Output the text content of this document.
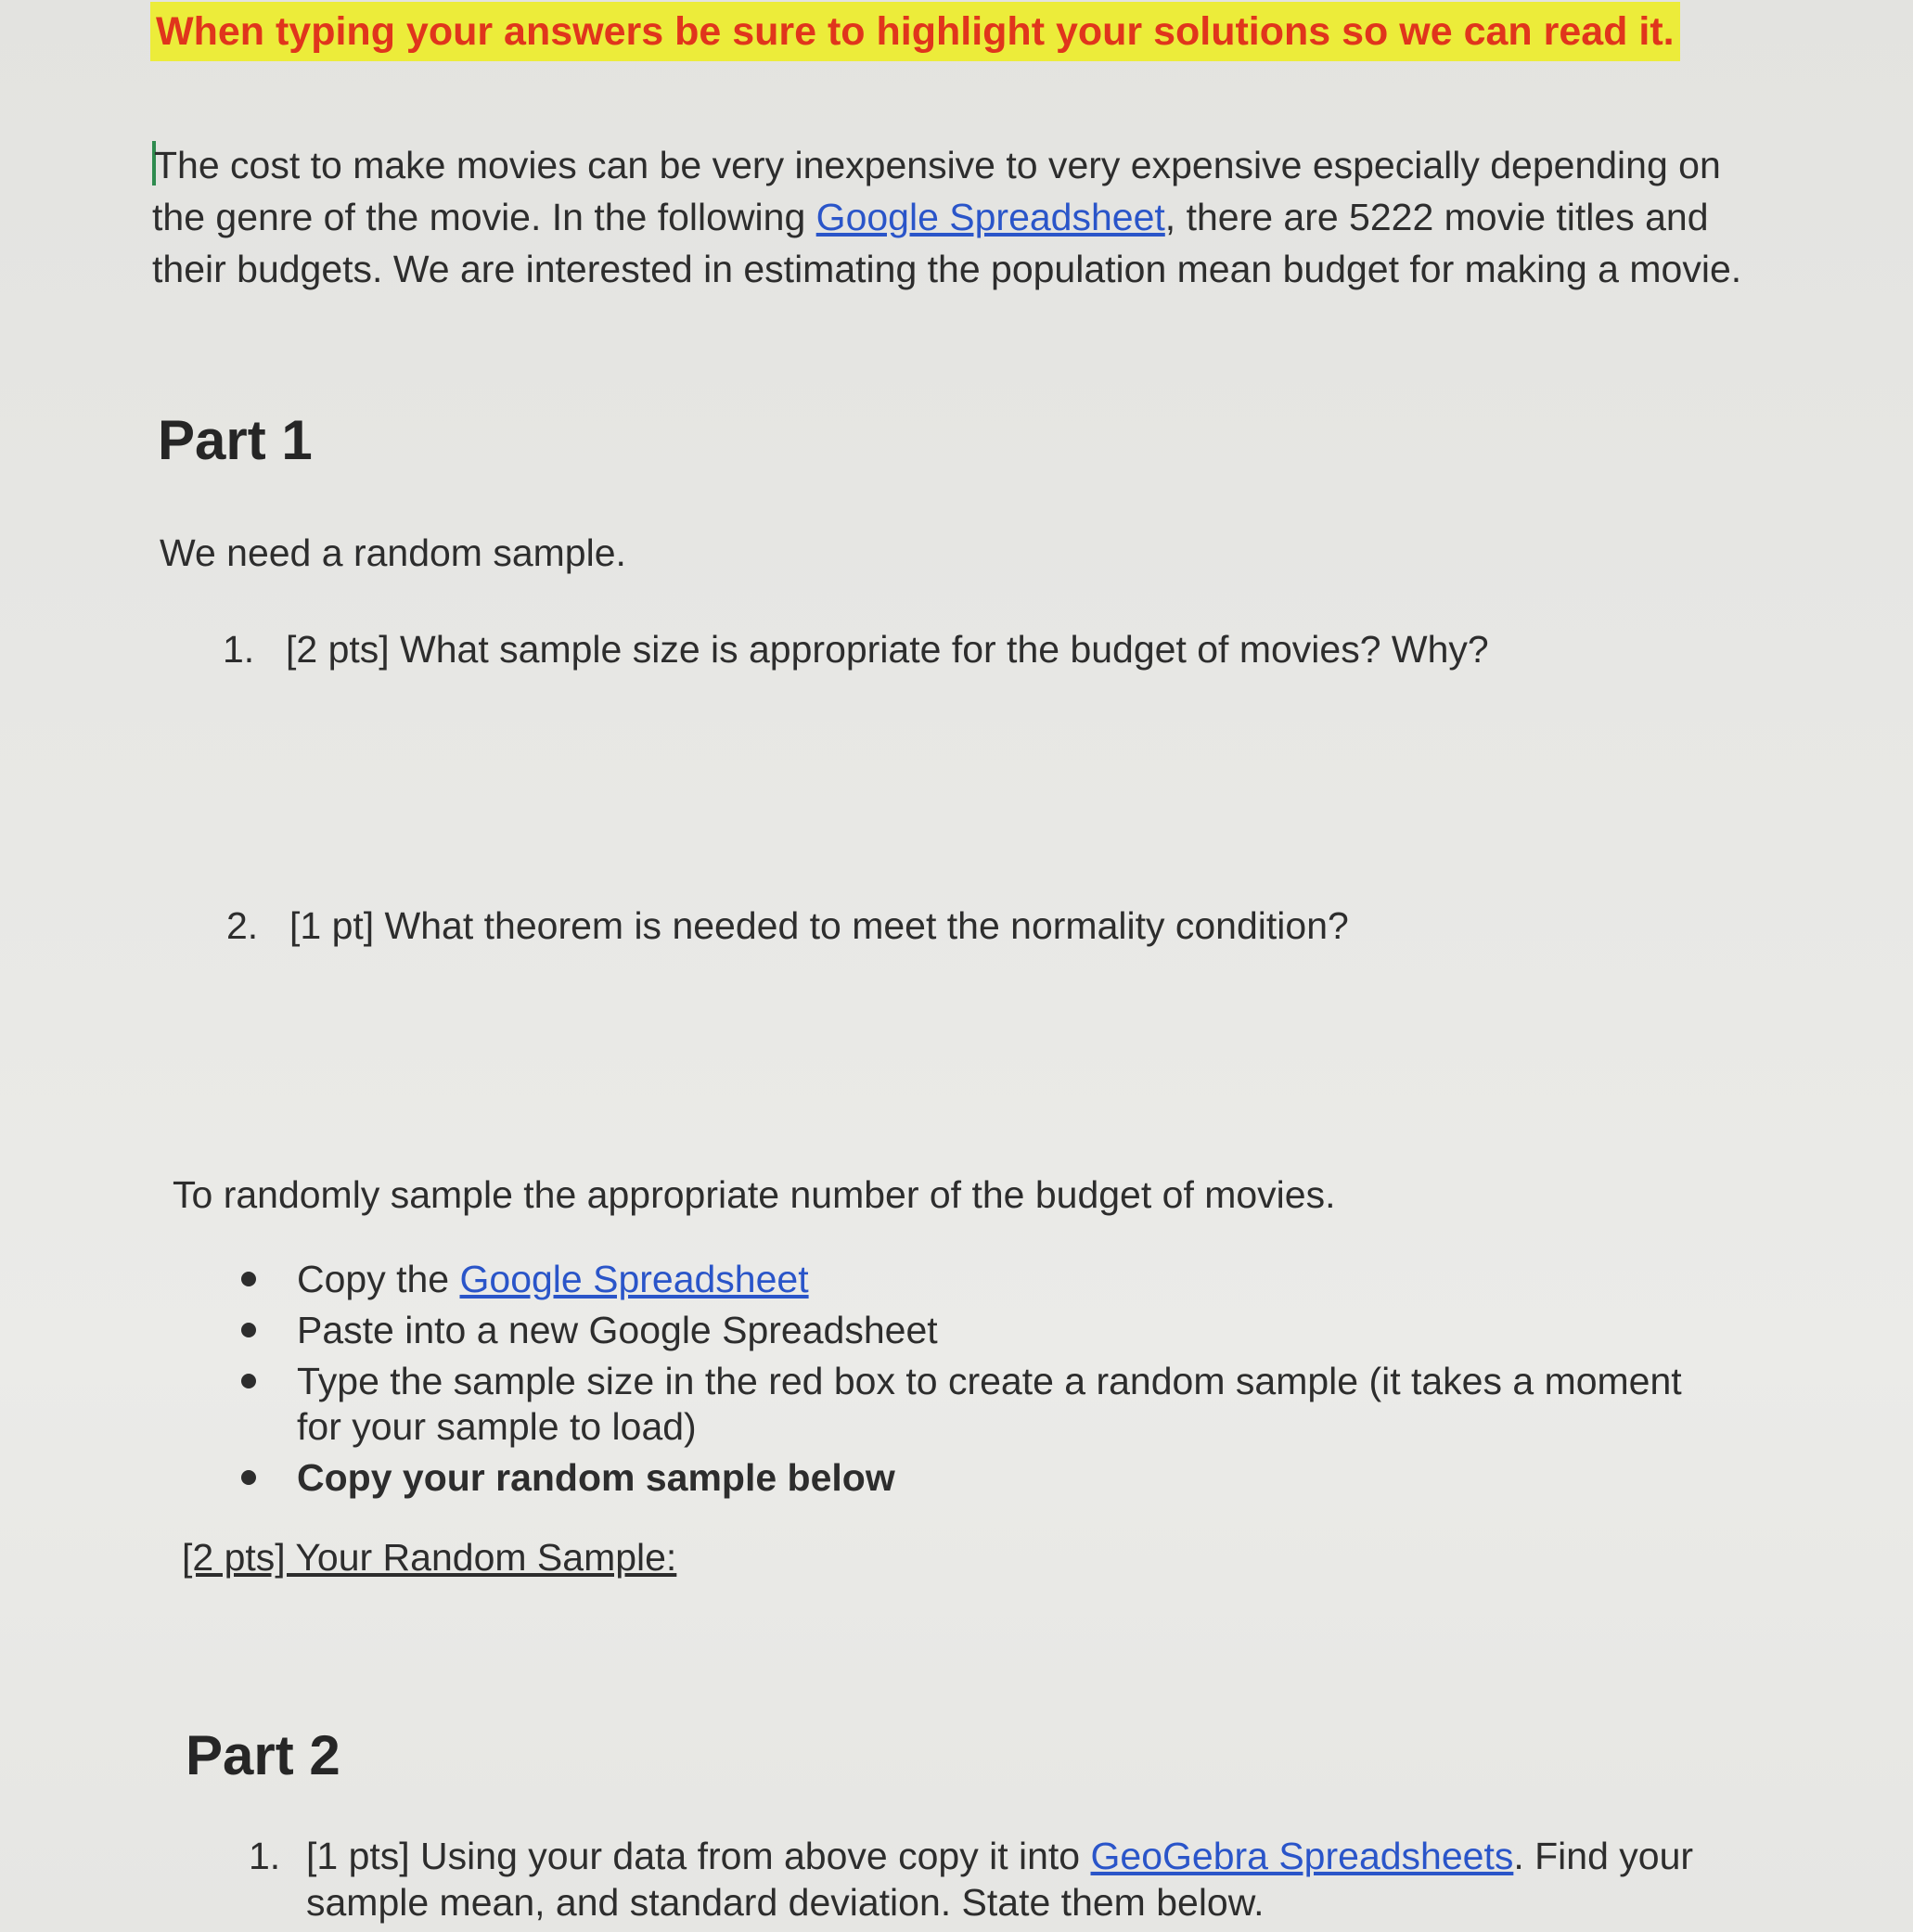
When typing your answers be sure to highlight your solutions so we can read it.
The cost to make movies can be very inexpensive to very expensive especially depending on the genre of the movie. In the following Google Spreadsheet, there are 5222 movie titles and their budgets. We are interested in estimating the population mean budget for making a movie.
Part 1
We need a random sample.
1. [2 pts] What sample size is appropriate for the budget of movies? Why?
2. [1 pt] What theorem is needed to meet the normality condition?
To randomly sample the appropriate number of the budget of movies.
Copy the Google Spreadsheet
Paste into a new Google Spreadsheet
Type the sample size in the red box to create a random sample (it takes a moment for your sample to load)
Copy your random sample below
[2 pts] Your Random Sample:
Part 2
1. [1 pts] Using your data from above copy it into GeoGebra Spreadsheets. Find your sample mean, and standard deviation. State them below.
